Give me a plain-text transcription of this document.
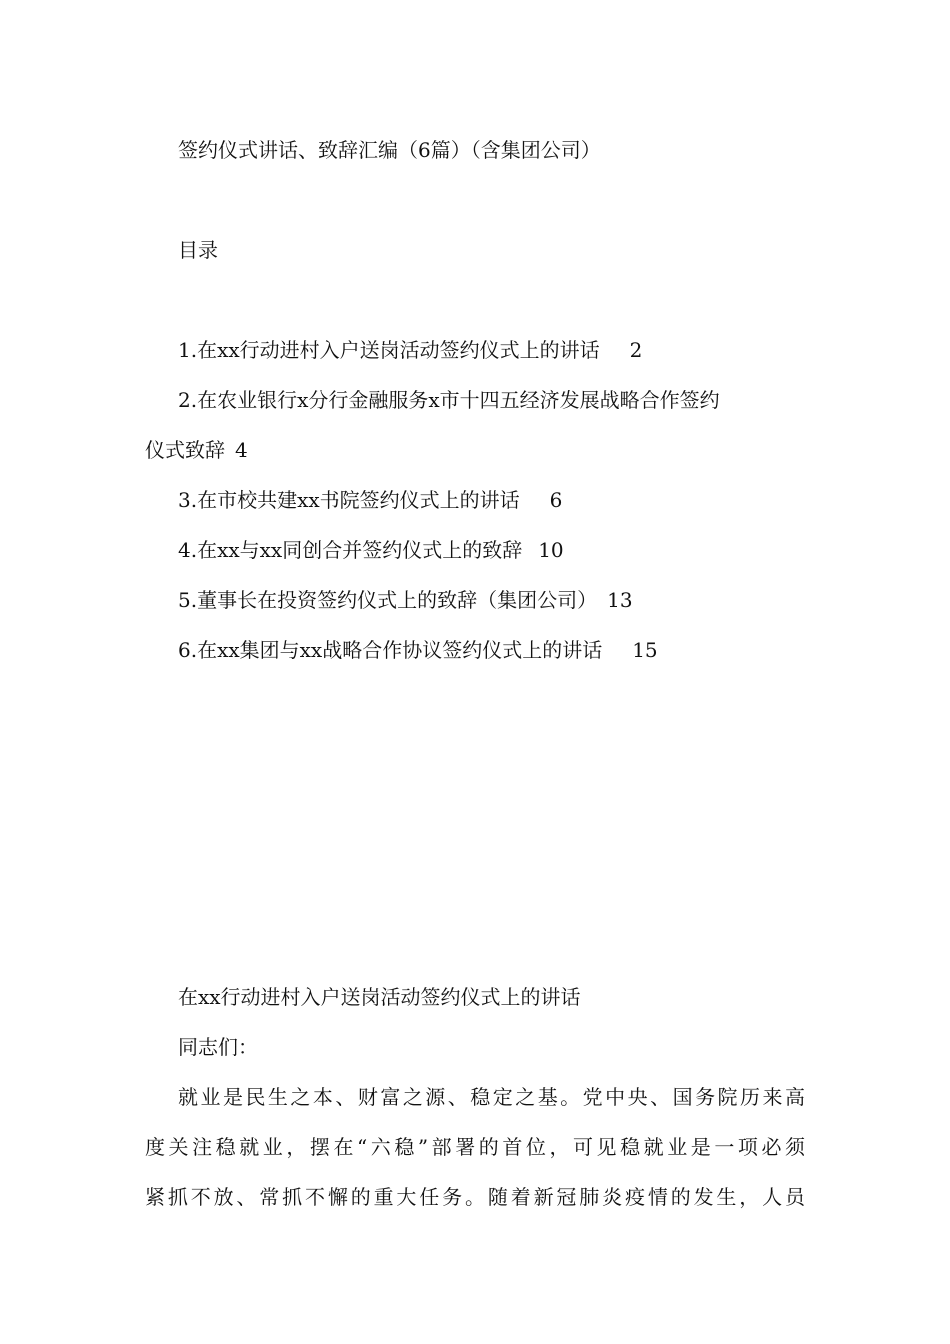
签约仪式讲话、致辞汇编（6篇）（含集团公司）
目录
1.在xx行动进村入户送岗活动签约仪式上的讲话 2
2.在农业银行x分行金融服务x市十四五经济发展战略合作签约
仪式致辞 4
3.在市校共建xx书院签约仪式上的讲话 6
4.在xx与xx同创合并签约仪式上的致辞 10
5.董事长在投资签约仪式上的致辞（集团公司） 13
6.在xx集团与xx战略合作协议签约仪式上的讲话 15
在xx行动进村入户送岗活动签约仪式上的讲话
同志们：
就业是民生之本、财富之源、稳定之基。党中央、国务院历来高
度关注稳就业，摆在“六稳”部署的首位，可见稳就业是一项必须
紧抓不放、常抓不懈的重大任务。随着新冠肺炎疫情的发生，人员
